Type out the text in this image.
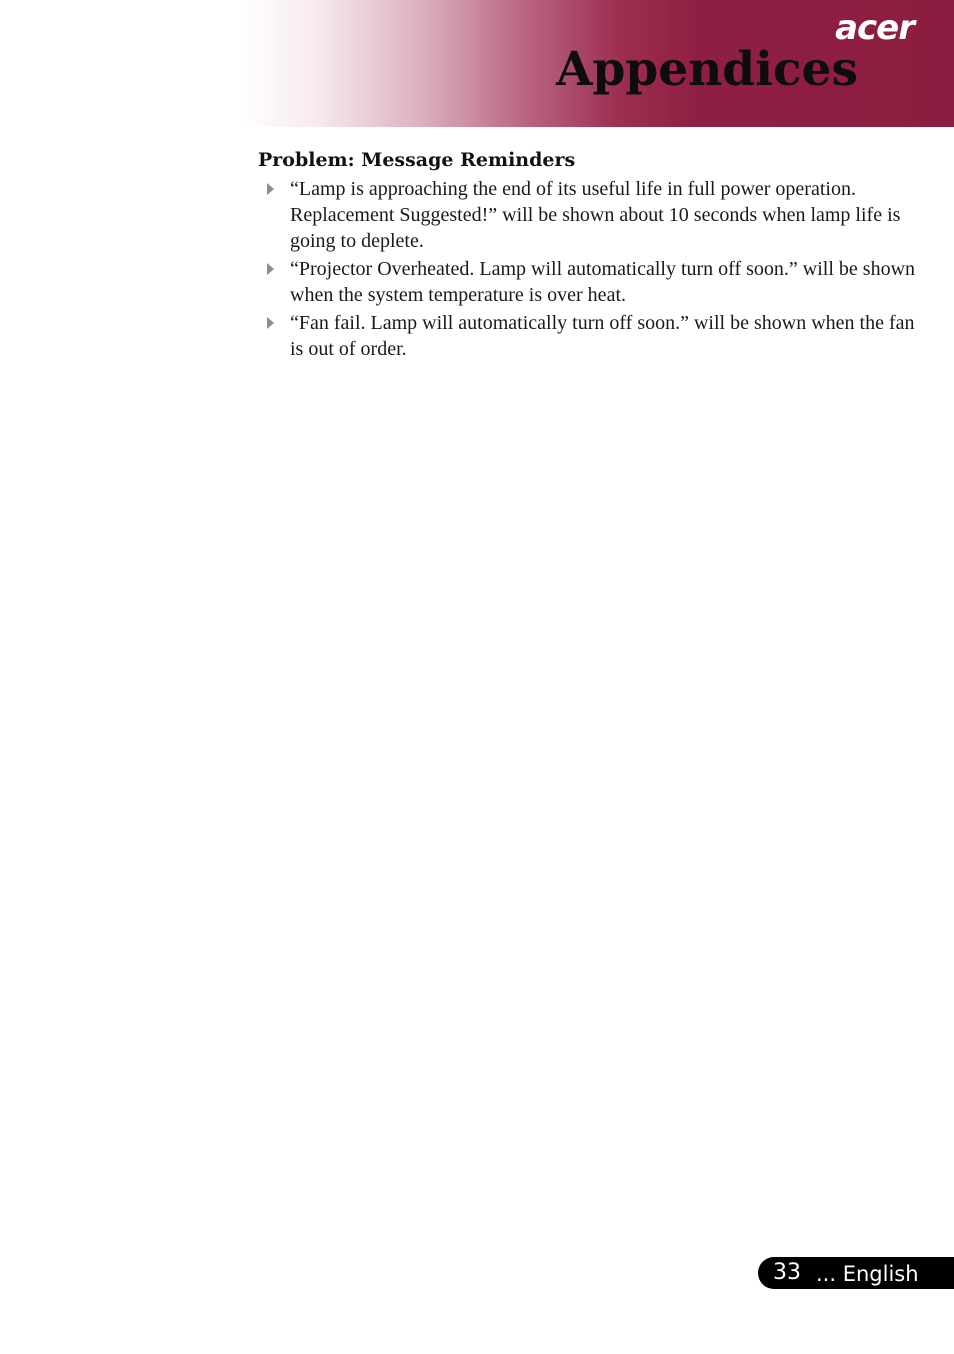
acer
Appendices
Problem: Message Reminders
“Lamp is approaching the end of its useful life in full power operation. Replacement Suggested!” will be shown about 10 seconds when lamp life is going to deplete.
“Projector Overheated. Lamp will automatically turn off soon.” will be shown when the system temperature is over heat.
“Fan fail. Lamp will automatically turn off soon.” will be shown when the fan is out of order.
33 ... English
